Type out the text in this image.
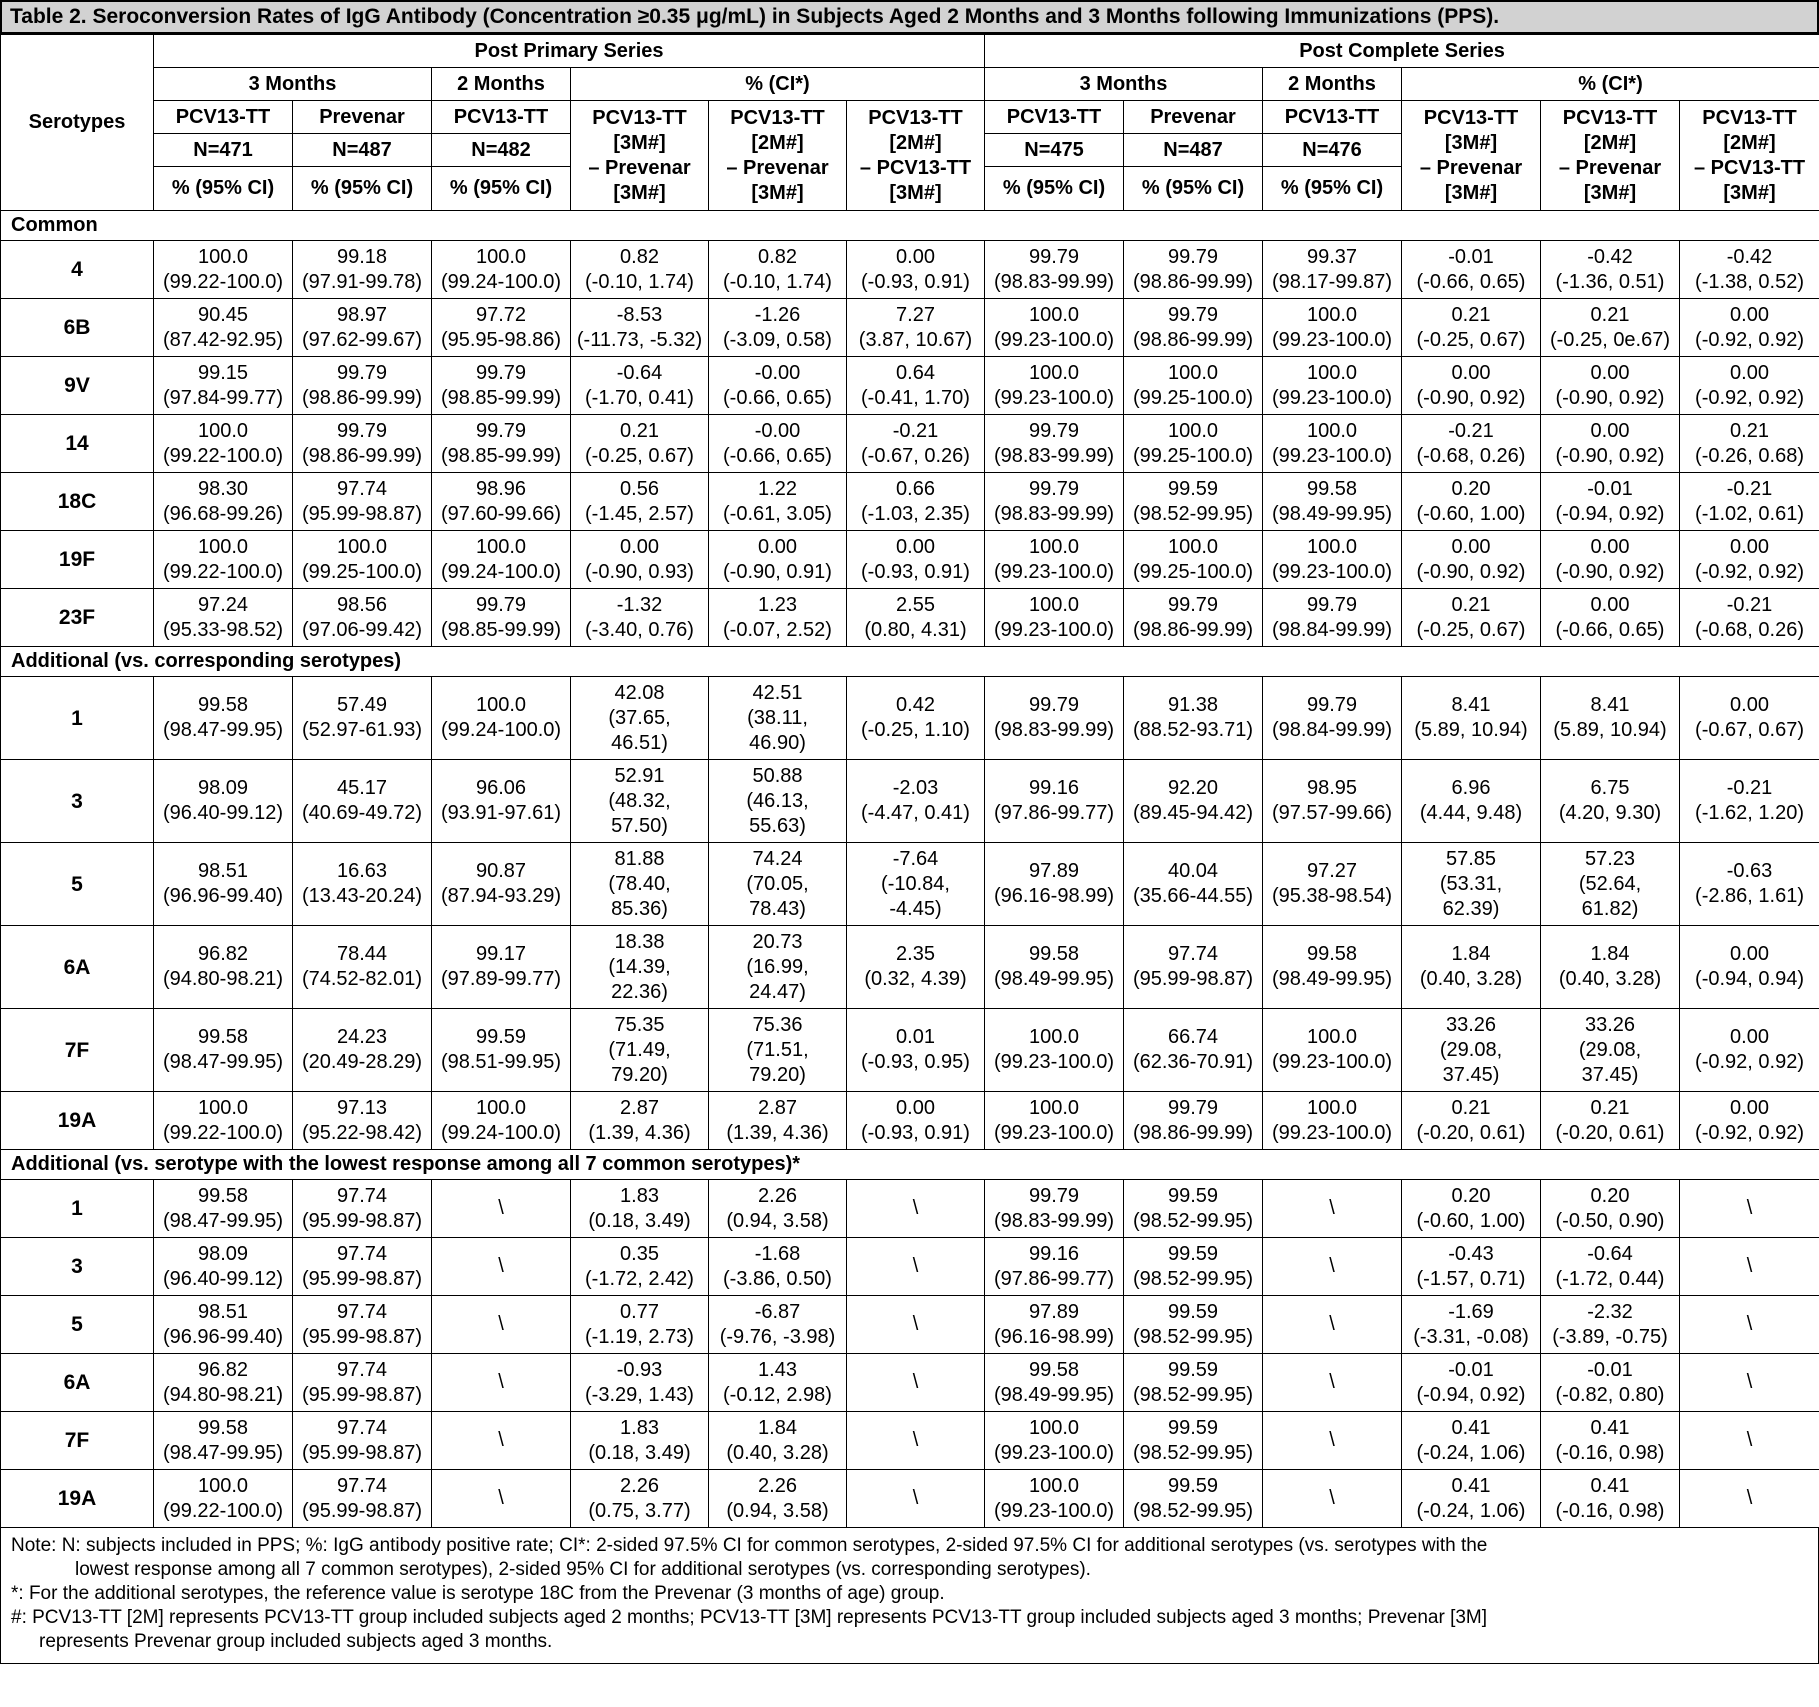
Table 2. Seroconversion Rates of IgG Antibody (Concentration ≥0.35 μg/mL) in Subjects Aged 2 Months and 3 Months following Immunizations (PPS).
Serotypes	Post Primary Series						Post Complete Series					
	3 Months		2 Months	% (CI*)			3 Months		2 Months	% (CI*)		
	PCV13-TT	Prevenar	PCV13-TT	PCV13-TT
[3M#]
– Prevenar
[3M#]	PCV13-TT
[2M#]
– Prevenar
[3M#]	PCV13-TT
[2M#]
– PCV13-TT
[3M#]	PCV13-TT	Prevenar	PCV13-TT	PCV13-TT
[3M#]
– Prevenar
[3M#]	PCV13-TT
[2M#]
– Prevenar
[3M#]	PCV13-TT
[2M#]
– PCV13-TT
[3M#]
	N=471	N=487	N=482				N=475	N=487	N=476			
	% (95% CI)	% (95% CI)	% (95% CI)				% (95% CI)	% (95% CI)	% (95% CI)			
Common												
4	100.0
(99.22-100.0)	99.18
(97.91-99.78)	100.0
(99.24-100.0)	0.82
(-0.10, 1.74)	0.82
(-0.10, 1.74)	0.00
(-0.93, 0.91)	99.79
(98.83-99.99)	99.79
(98.86-99.99)	99.37
(98.17-99.87)	-0.01
(-0.66, 0.65)	-0.42
(-1.36, 0.51)	-0.42
(-1.38, 0.52)

6B	90.45
(87.42-92.95)	98.97
(97.62-99.67)	97.72
(95.95-98.86)	-8.53
(-11.73, -5.32)	-1.26
(-3.09, 0.58)	7.27
(3.87, 10.67)	100.0
(99.23-100.0)	99.79
(98.86-99.99)	100.0
(99.23-100.0)	0.21
(-0.25, 0.67)	0.21
(-0.25, 0e.67)	0.00
(-0.92, 0.92)

9V	99.15
(97.84-99.77)	99.79
(98.86-99.99)	99.79
(98.85-99.99)	-0.64
(-1.70, 0.41)	-0.00
(-0.66, 0.65)	0.64
(-0.41, 1.70)	100.0
(99.23-100.0)	100.0
(99.25-100.0)	100.0
(99.23-100.0)	0.00
(-0.90, 0.92)	0.00
(-0.90, 0.92)	0.00
(-0.92, 0.92)

14	100.0
(99.22-100.0)	99.79
(98.86-99.99)	99.79
(98.85-99.99)	0.21
(-0.25, 0.67)	-0.00
(-0.66, 0.65)	-0.21
(-0.67, 0.26)	99.79
(98.83-99.99)	100.0
(99.25-100.0)	100.0
(99.23-100.0)	-0.21
(-0.68, 0.26)	0.00
(-0.90, 0.92)	0.21
(-0.26, 0.68)

18C	98.30
(96.68-99.26)	97.74
(95.99-98.87)	98.96
(97.60-99.66)	0.56
(-1.45, 2.57)	1.22
(-0.61, 3.05)	0.66
(-1.03, 2.35)	99.79
(98.83-99.99)	99.59
(98.52-99.95)	99.58
(98.49-99.95)	0.20
(-0.60, 1.00)	-0.01
(-0.94, 0.92)	-0.21
(-1.02, 0.61)

19F	100.0
(99.22-100.0)	100.0
(99.25-100.0)	100.0
(99.24-100.0)	0.00
(-0.90, 0.93)	0.00
(-0.90, 0.91)	0.00
(-0.93, 0.91)	100.0
(99.23-100.0)	100.0
(99.25-100.0)	100.0
(99.23-100.0)	0.00
(-0.90, 0.92)	0.00
(-0.90, 0.92)	0.00
(-0.92, 0.92)

23F	97.24
(95.33-98.52)	98.56
(97.06-99.42)	99.79
(98.85-99.99)	-1.32
(-3.40, 0.76)	1.23
(-0.07, 2.52)	2.55
(0.80, 4.31)	100.0
(99.23-100.0)	99.79
(98.86-99.99)	99.79
(98.84-99.99)	0.21
(-0.25, 0.67)	0.00
(-0.66, 0.65)	-0.21
(-0.68, 0.26)

Additional (vs. corresponding serotypes)												
1	99.58
(98.47-99.95)	57.49
(52.97-61.93)	100.0
(99.24-100.0)	42.08
(37.65,
46.51)	42.51
(38.11,
46.90)	0.42
(-0.25, 1.10)	99.79
(98.83-99.99)	91.38
(88.52-93.71)	99.79
(98.84-99.99)	8.41
(5.89, 10.94)	8.41
(5.89, 10.94)	0.00
(-0.67, 0.67)

3	98.09
(96.40-99.12)	45.17
(40.69-49.72)	96.06
(93.91-97.61)	52.91
(48.32,
57.50)	50.88
(46.13,
55.63)	-2.03
(-4.47, 0.41)	99.16
(97.86-99.77)	92.20
(89.45-94.42)	98.95
(97.57-99.66)	6.96
(4.44, 9.48)	6.75
(4.20, 9.30)	-0.21
(-1.62, 1.20)

5	98.51
(96.96-99.40)	16.63
(13.43-20.24)	90.87
(87.94-93.29)	81.88
(78.40,
85.36)	74.24
(70.05,
78.43)	-7.64
(-10.84,
-4.45)	97.89
(96.16-98.99)	40.04
(35.66-44.55)	97.27
(95.38-98.54)	57.85
(53.31,
62.39)	57.23
(52.64,
61.82)	-0.63
(-2.86, 1.61)

6A	96.82
(94.80-98.21)	78.44
(74.52-82.01)	99.17
(97.89-99.77)	18.38
(14.39,
22.36)	20.73
(16.99,
24.47)	2.35
(0.32, 4.39)	99.58
(98.49-99.95)	97.74
(95.99-98.87)	99.58
(98.49-99.95)	1.84
(0.40, 3.28)	1.84
(0.40, 3.28)	0.00
(-0.94, 0.94)

7F	99.58
(98.47-99.95)	24.23
(20.49-28.29)	99.59
(98.51-99.95)	75.35
(71.49,
79.20)	75.36
(71.51,
79.20)	0.01
(-0.93, 0.95)	100.0
(99.23-100.0)	66.74
(62.36-70.91)	100.0
(99.23-100.0)	33.26
(29.08,
37.45)	33.26
(29.08,
37.45)	0.00
(-0.92, 0.92)

19A	100.0
(99.22-100.0)	97.13
(95.22-98.42)	100.0
(99.24-100.0)	2.87
(1.39, 4.36)	2.87
(1.39, 4.36)	0.00
(-0.93, 0.91)	100.0
(99.23-100.0)	99.79
(98.86-99.99)	100.0
(99.23-100.0)	0.21
(-0.20, 0.61)	0.21
(-0.20, 0.61)	0.00
(-0.92, 0.92)

Additional (vs. serotype with the lowest response among all 7 common serotypes)*												
1	99.58
(98.47-99.95)	97.74
(95.99-98.87)	\	1.83
(0.18, 3.49)	2.26
(0.94, 3.58)	\	99.79
(98.83-99.99)	99.59
(98.52-99.95)	\	0.20
(-0.60, 1.00)	0.20
(-0.50, 0.90)	\

3	98.09
(96.40-99.12)	97.74
(95.99-98.87)	\	0.35
(-1.72, 2.42)	-1.68
(-3.86, 0.50)	\	99.16
(97.86-99.77)	99.59
(98.52-99.95)	\	-0.43
(-1.57, 0.71)	-0.64
(-1.72, 0.44)	\

5	98.51
(96.96-99.40)	97.74
(95.99-98.87)	\	0.77
(-1.19, 2.73)	-6.87
(-9.76, -3.98)	\	97.89
(96.16-98.99)	99.59
(98.52-99.95)	\	-1.69
(-3.31, -0.08)	-2.32
(-3.89, -0.75)	\

6A	96.82
(94.80-98.21)	97.74
(95.99-98.87)	\	-0.93
(-3.29, 1.43)	1.43
(-0.12, 2.98)	\	99.58
(98.49-99.95)	99.59
(98.52-99.95)	\	-0.01
(-0.94, 0.92)	-0.01
(-0.82, 0.80)	\

7F	99.58
(98.47-99.95)	97.74
(95.99-98.87)	\	1.83
(0.18, 3.49)	1.84
(0.40, 3.28)	\	100.0
(99.23-100.0)	99.59
(98.52-99.95)	\	0.41
(-0.24, 1.06)	0.41
(-0.16, 0.98)	\

19A	100.0
(99.22-100.0)	97.74
(95.99-98.87)	\	2.26
(0.75, 3.77)	2.26
(0.94, 3.58)	\	100.0
(99.23-100.0)	99.59
(98.52-99.95)	\	0.41
(-0.24, 1.06)	0.41
(-0.16, 0.98)	\
Note: N: subjects included in PPS; %: IgG antibody positive rate; CI*: 2-sided 97.5% CI for common serotypes, 2-sided 97.5% CI for additional serotypes (vs. serotypes with the
lowest response among all 7 common serotypes), 2-sided 95% CI for additional serotypes (vs. corresponding serotypes).
*: For the additional serotypes, the reference value is serotype 18C from the Prevenar (3 months of age) group.
#: PCV13-TT [2M] represents PCV13-TT group included subjects aged 2 months; PCV13-TT [3M] represents PCV13-TT group included subjects aged 3 months; Prevenar [3M]
represents Prevenar group included subjects aged 3 months.
